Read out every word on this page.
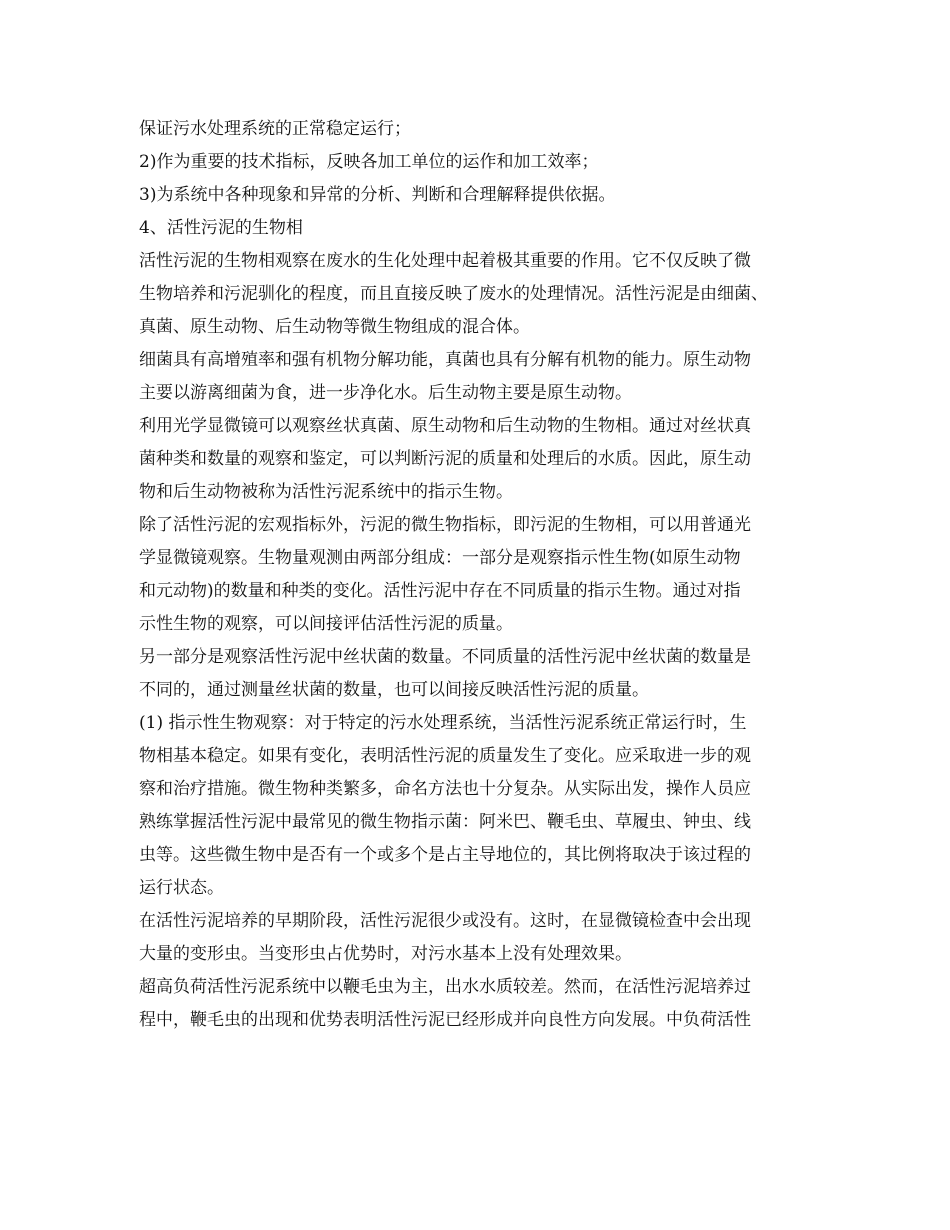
保证污水处理系统的正常稳定运行；
2)作为重要的技术指标，反映各加工单位的运作和加工效率；
3)为系统中各种现象和异常的分析、判断和合理解释提供依据。
4、活性污泥的生物相
活性污泥的生物相观察在废水的生化处理中起着极其重要的作用。它不仅反映了微
生物培养和污泥驯化的程度，而且直接反映了废水的处理情况。活性污泥是由细菌、
真菌、原生动物、后生动物等微生物组成的混合体。
细菌具有高增殖率和强有机物分解功能，真菌也具有分解有机物的能力。原生动物
主要以游离细菌为食，进一步净化水。后生动物主要是原生动物。
利用光学显微镜可以观察丝状真菌、原生动物和后生动物的生物相。通过对丝状真
菌种类和数量的观察和鉴定，可以判断污泥的质量和处理后的水质。因此，原生动
物和后生动物被称为活性污泥系统中的指示生物。
除了活性污泥的宏观指标外，污泥的微生物指标，即污泥的生物相，可以用普通光
学显微镜观察。生物量观测由两部分组成：一部分是观察指示性生物(如原生动物
和元动物)的数量和种类的变化。活性污泥中存在不同质量的指示生物。通过对指
示性生物的观察，可以间接评估活性污泥的质量。
另一部分是观察活性污泥中丝状菌的数量。不同质量的活性污泥中丝状菌的数量是
不同的，通过测量丝状菌的数量，也可以间接反映活性污泥的质量。
(1) 指示性生物观察：对于特定的污水处理系统，当活性污泥系统正常运行时，生
物相基本稳定。如果有变化，表明活性污泥的质量发生了变化。应采取进一步的观
察和治疗措施。微生物种类繁多，命名方法也十分复杂。从实际出发，操作人员应
熟练掌握活性污泥中最常见的微生物指示菌：阿米巴、鞭毛虫、草履虫、钟虫、线
虫等。这些微生物中是否有一个或多个是占主导地位的，其比例将取决于该过程的
运行状态。
在活性污泥培养的早期阶段，活性污泥很少或没有。这时，在显微镜检查中会出现
大量的变形虫。当变形虫占优势时，对污水基本上没有处理效果。
超高负荷活性污泥系统中以鞭毛虫为主，出水水质较差。然而，在活性污泥培养过
程中，鞭毛虫的出现和优势表明活性污泥已经形成并向良性方向发展。中负荷活性
